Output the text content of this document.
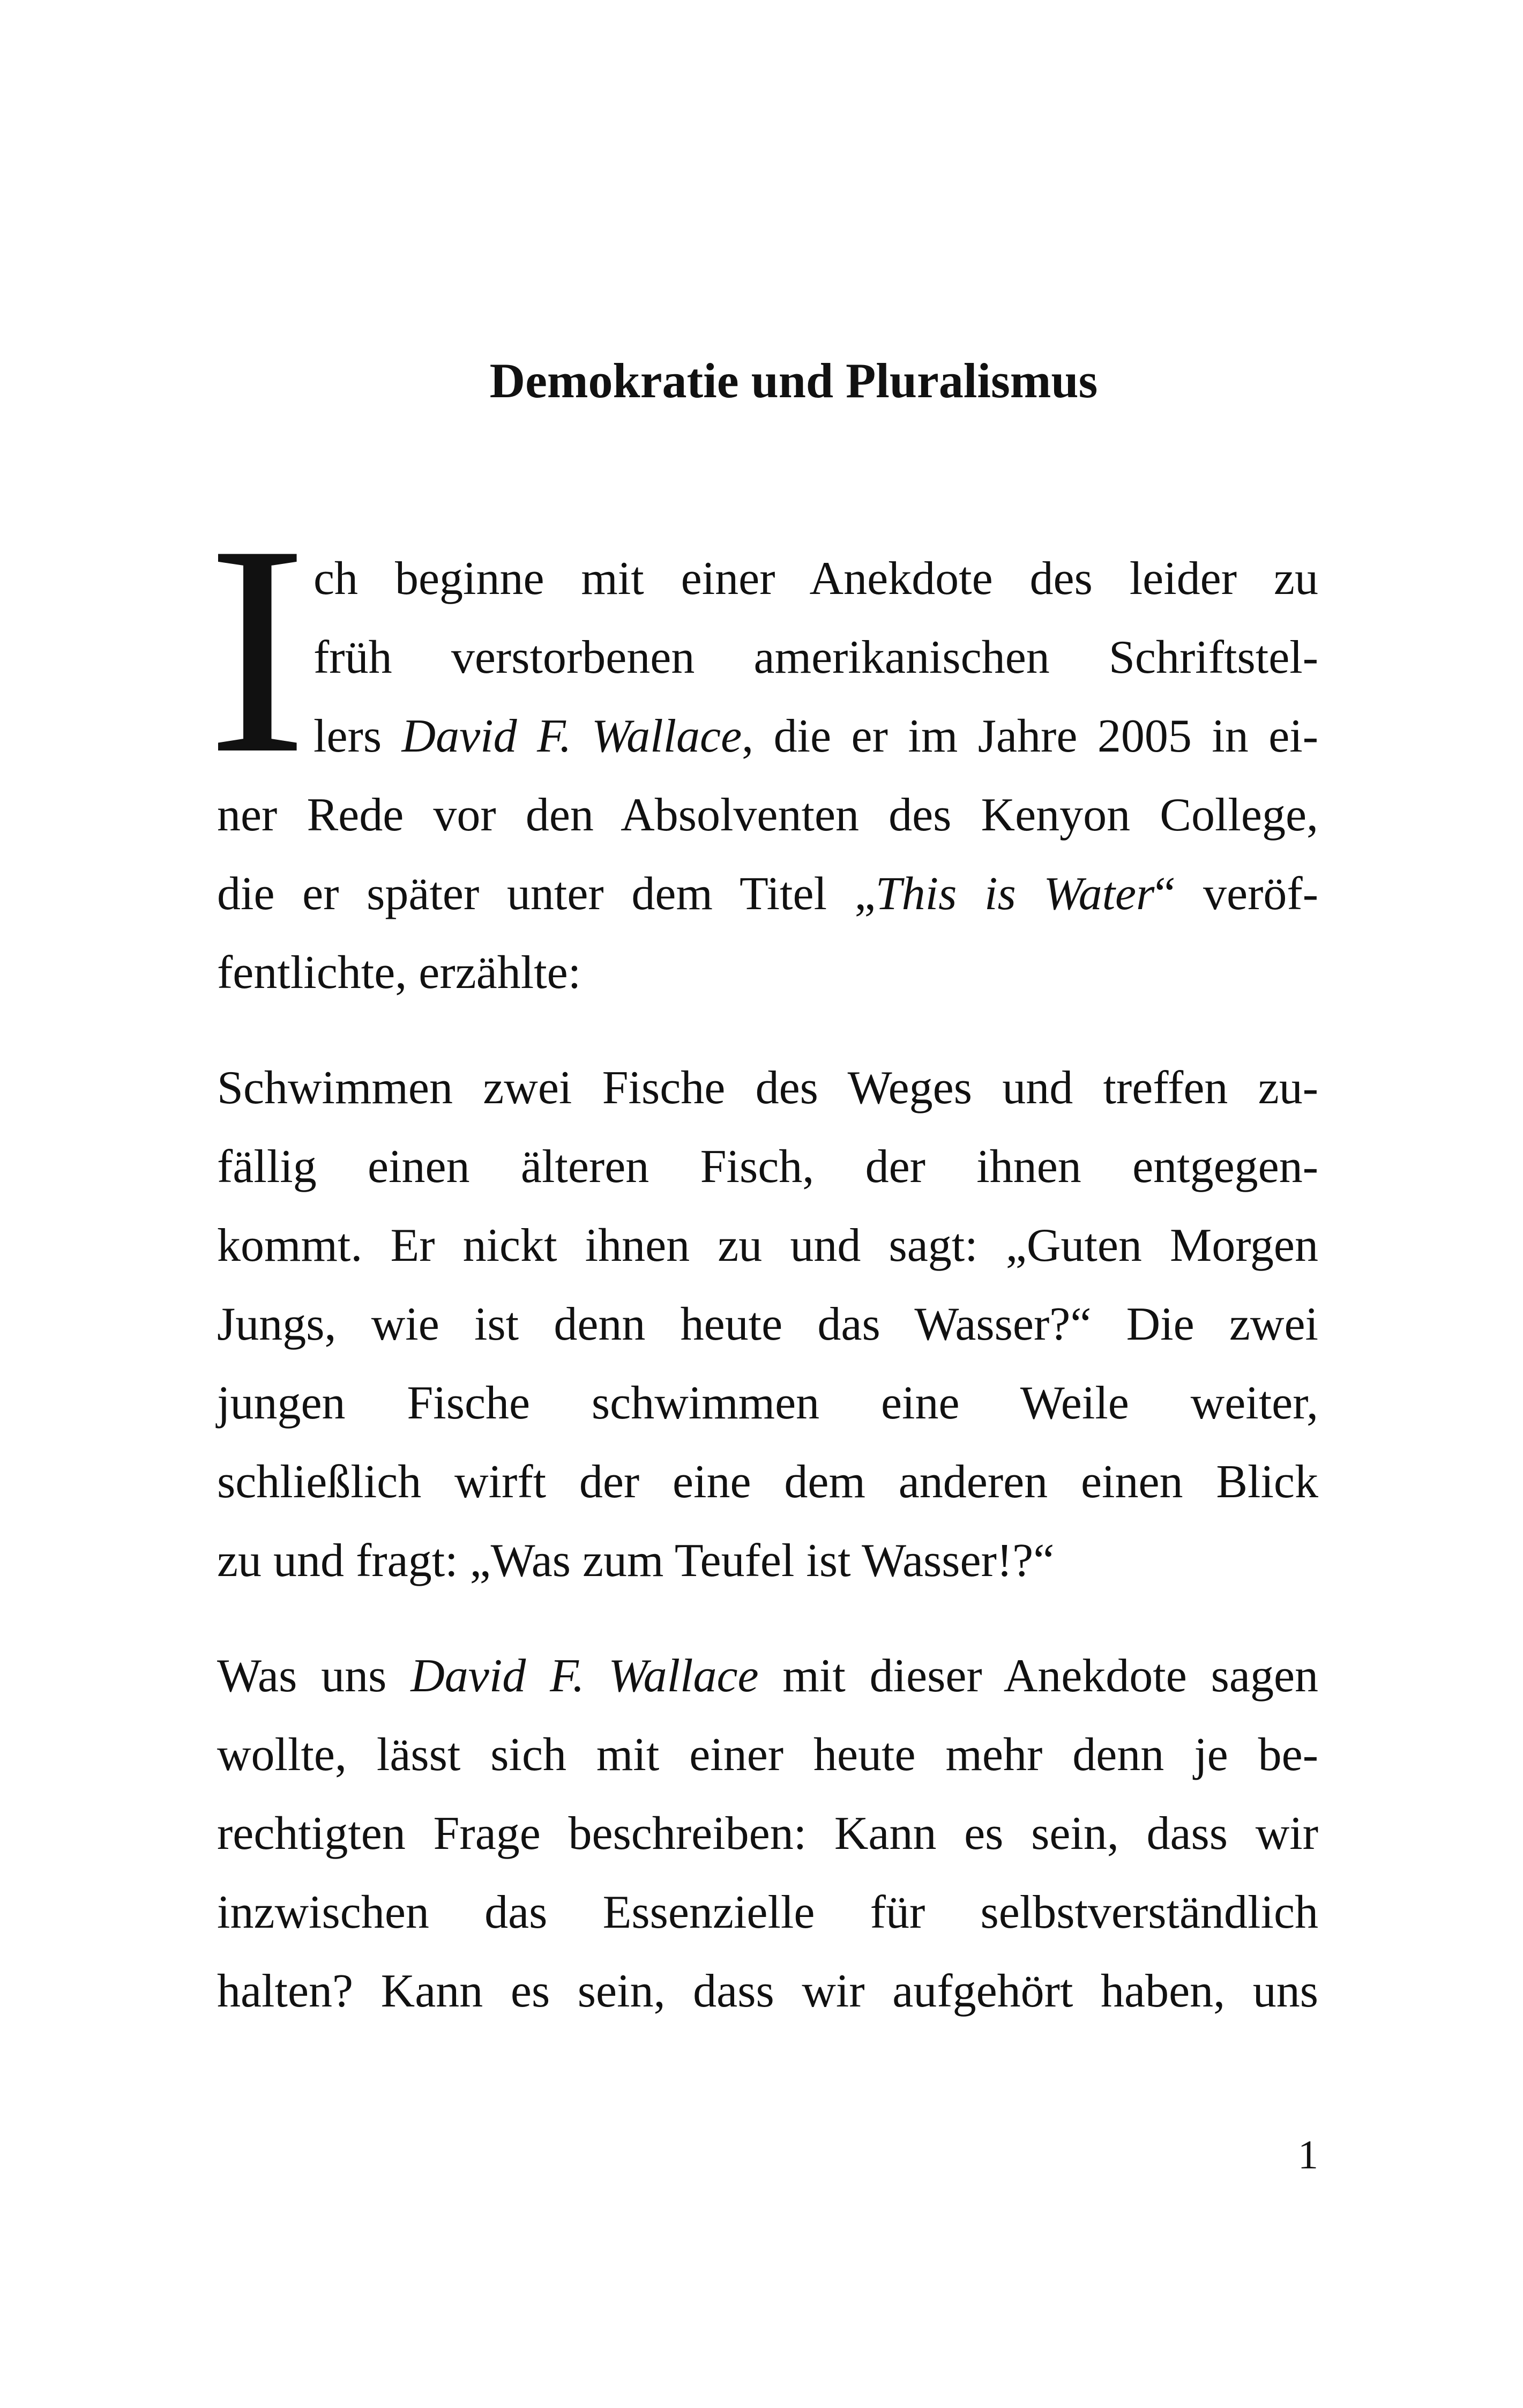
Demokratie und Pluralismus
I ch beginne mit einer Anekdote des leider zu

früh verstorbenen amerikanischen Schriftstel-

lers David F. Wallace, die er im Jahre 2005 in ei-

ner Rede vor den Absolventen des Kenyon College,

die er später unter dem Titel „This is Water“ veröf-

fentlichte, erzählte:

Schwimmen zwei Fische des Weges und treffen zu-

fällig einen älteren Fisch, der ihnen entgegen-

kommt. Er nickt ihnen zu und sagt: „Guten Morgen

Jungs, wie ist denn heute das Wasser?“ Die zwei

jungen Fische schwimmen eine Weile weiter,

schließlich wirft der eine dem anderen einen Blick

zu und fragt: „Was zum Teufel ist Wasser!?“

Was uns David F. Wallace mit dieser Anekdote sagen

wollte, lässt sich mit einer heute mehr denn je be-

rechtigten Frage beschreiben: Kann es sein, dass wir

inzwischen das Essenzielle für selbstverständlich

halten? Kann es sein, dass wir aufgehört haben, uns

1
